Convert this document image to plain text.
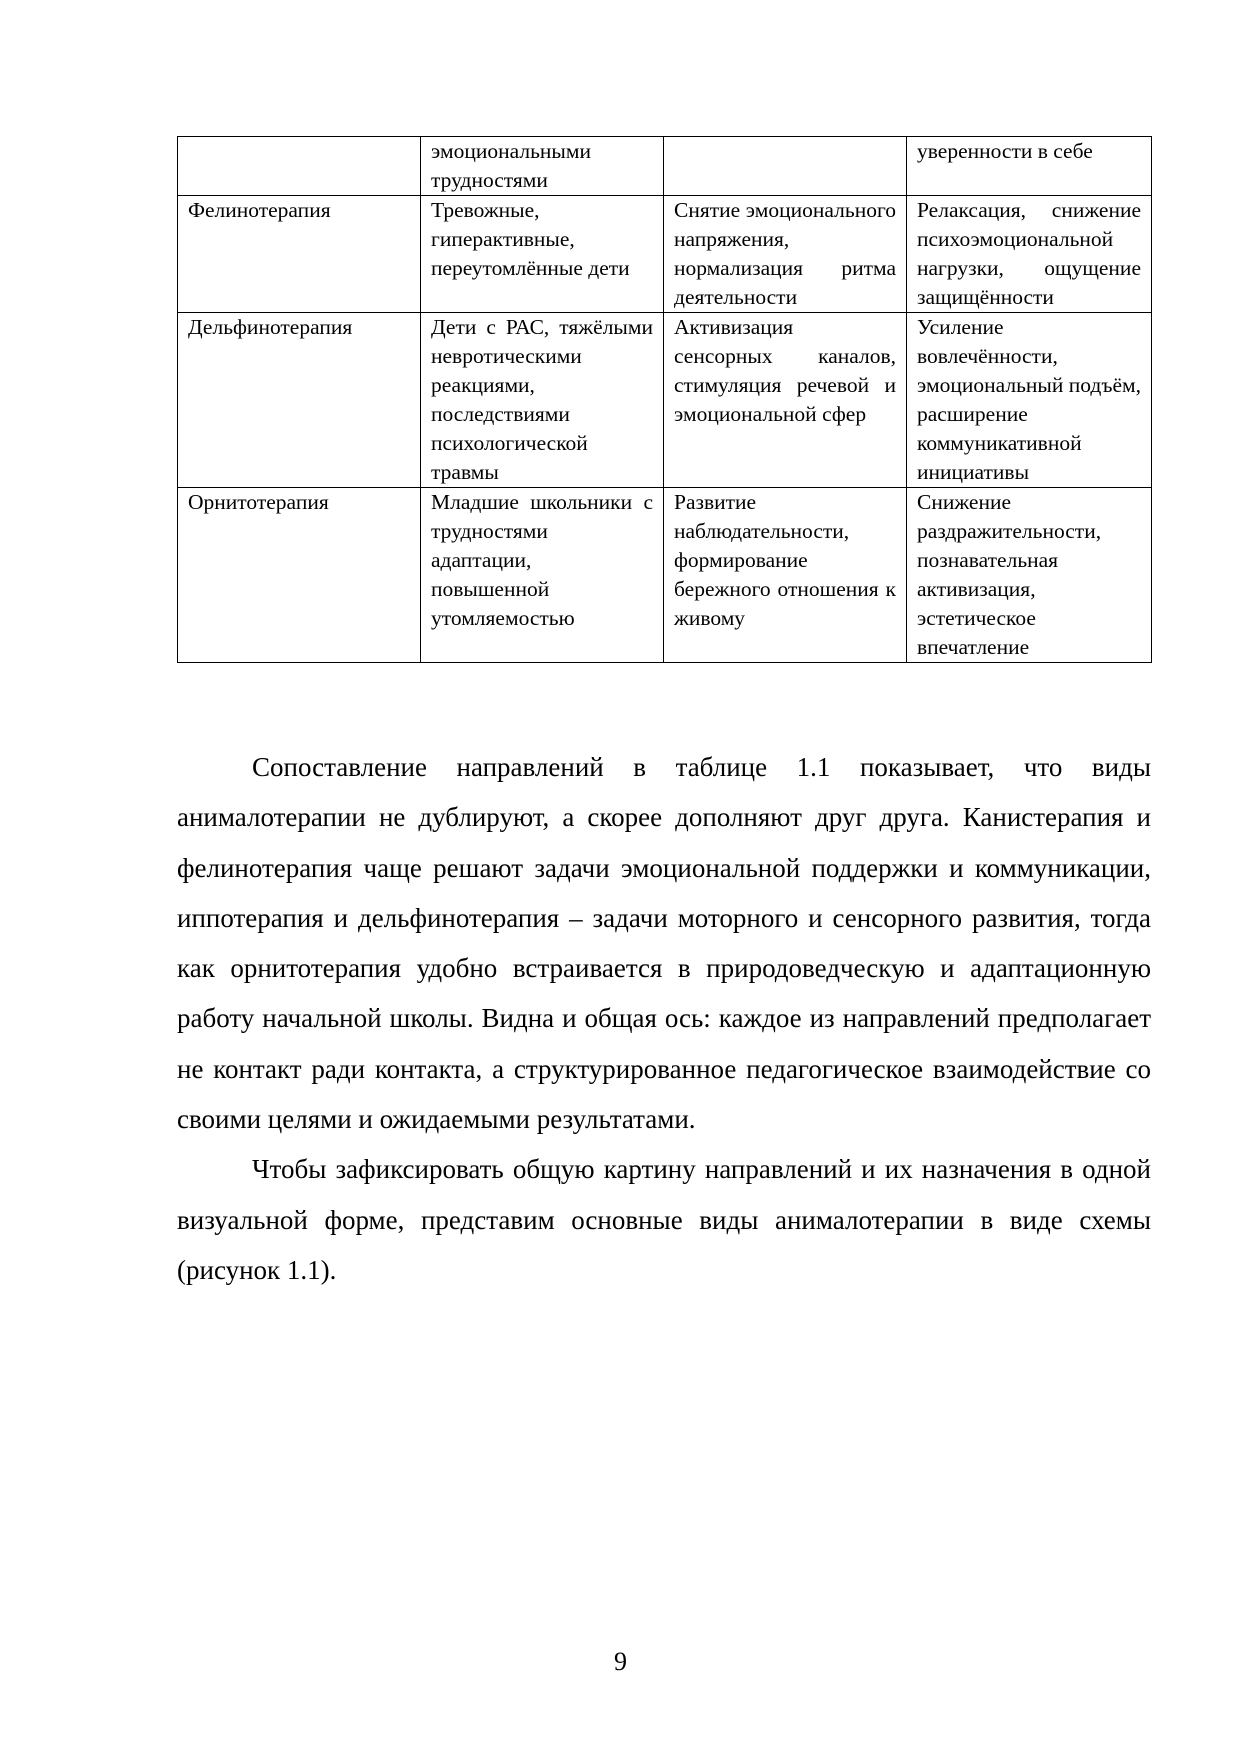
	эмоциональными трудностями		уверенности в себе
Фелинотерапия	Тревожные, гиперактивные, переутомлённые дети	Снятие эмоционального напряжения, нормализация ритма деятельности	Релаксация, снижение психоэмоционально​й нагрузки, ощущение защищённости
Дельфинотерапия	Дети с РАС, тяжёлыми невротическими реакциями, последствиями психологической травмы	Активизация сенсорных каналов, стимуляция речевой и эмоциональной сфер	Усиление вовлечённости, эмоциональный подъём, расширение коммуникативной инициативы
Орнитотерапия	Младшие школьники с трудностями адаптации, повышенной утомляемостью	Развитие наблюдательности, формирование бережного отношения к живому	Снижение раздражительности, познавательная активизация, эстетическое впечатление

Сопоставление направлений в таблице 1.1 показывает, что виды анималотерапии не дублируют, а скорее дополняют друг друга. Канистерапия и фелинотерапия чаще решают задачи эмоциональной поддержки и коммуникации, иппотерапия и дельфинотерапия – задачи моторного и сенсорного развития, тогда как орнитотерапия удобно встраивается в природоведческую и адаптационную работу начальной школы. Видна и общая ось: каждое из направлений предполагает не контакт ради контакта, а структурированное педагогическое взаимодействие со своими целями и ожидаемыми результатами.

Чтобы зафиксировать общую картину направлений и их назначения в одной визуальной форме, представим основные виды анималотерапии в виде схемы (рисунок 1.1).

9
